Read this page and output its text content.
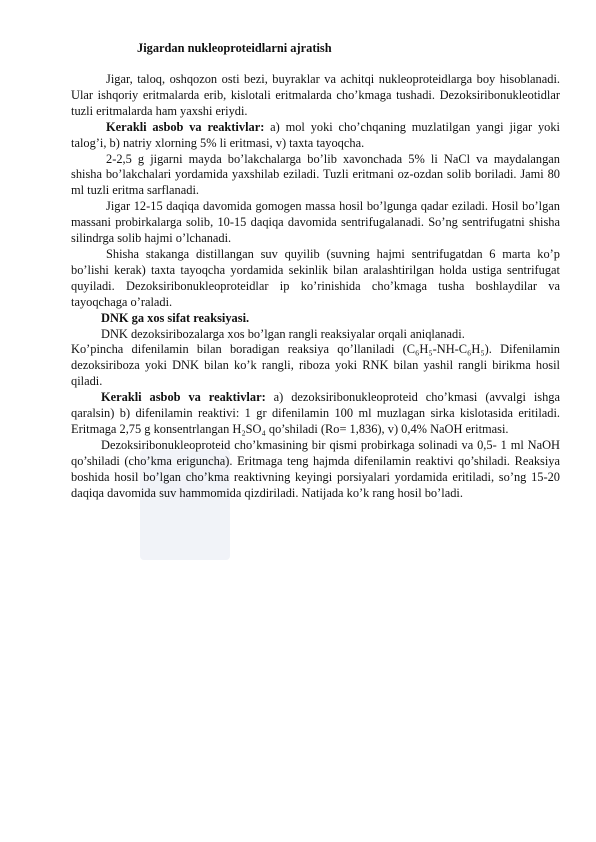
Jigardan nukleoproteidlarni ajratish

Jigar, taloq, oshqozon osti bezi, buyraklar va achitqi nukleoproteidlarga boy hisoblanadi. Ular ishqoriy eritmalarda erib, kislotali eritmalarda cho’kmaga tushadi. Dezoksiribonukleotidlar tuzli eritmalarda ham yaxshi eriydi.

Kerakli asbob va reaktivlar: a) mol yoki cho’chqaning muzlatilgan yangi jigar yoki talog’i, b) natriy xlorning 5% li eritmasi, v) taxta tayoqcha.

2-2,5 g jigarni mayda bo’lakchalarga bo’lib xavonchada 5% li NaCl va maydalangan shisha bo’lakchalari yordamida yaxshilab eziladi. Tuzli eritmani oz-ozdan solib boriladi. Jami 80 ml tuzli eritma sarflanadi.

Jigar 12-15 daqiqa davomida gomogen massa hosil bo’lgunga qadar eziladi. Hosil bo’lgan massani probirkalarga solib, 10-15 daqiqa davomida sentrifugalanadi. So’ng sentrifugatni shisha silindrga solib hajmi o’lchanadi.

Shisha stakanga distillangan suv quyilib (suvning hajmi sentrifugatdan 6 marta ko’p bo’lishi kerak) taxta tayoqcha yordamida sekinlik bilan aralashtirilgan holda ustiga sentrifugat quyiladi. Dezoksiribonukleoproteidlar ip ko’rinishida cho’kmaga tusha boshlaydilar va tayoqchaga o’raladi.

DNK ga xos sifat reaksiyasi.

DNK dezoksiribozalarga xos bo’lgan rangli reaksiyalar orqali aniqlanadi.

Ko’pincha difenilamin bilan boradigan reaksiya qo’llaniladi (C₆H₅-NH-C₆H₅). Difenilamin dezoksiriboza yoki DNK bilan ko’k rangli, riboza yoki RNK bilan yashil rangli birikma hosil qiladi.

Kerakli asbob va reaktivlar: a) dezoksiribonukleoproteid cho’kmasi (avvalgi ishga qaralsin) b) difenilamin reaktivi: 1 gr difenilamin 100 ml muzlagan sirka kislotasida eritiladi. Eritmaga 2,75 g konsentrlangan H₂SO₄ qo’shiladi (Ro= 1,836), v) 0,4% NaOH eritmasi.

Dezoksiribonukleoproteid cho’kmasining bir qismi probirkaga solinadi va 0,5- 1 ml NaOH qo’shiladi (cho’kma eriguncha). Eritmaga teng hajmda difenilamin reaktivi qo’shiladi. Reaksiya boshida hosil bo’lgan cho’kma reaktivning keyingi porsiyalari yordamida eritiladi, so’ng 15-20 daqiqa davomida suv hammomida qizdiriladi. Natijada ko’k rang hosil bo’ladi.
